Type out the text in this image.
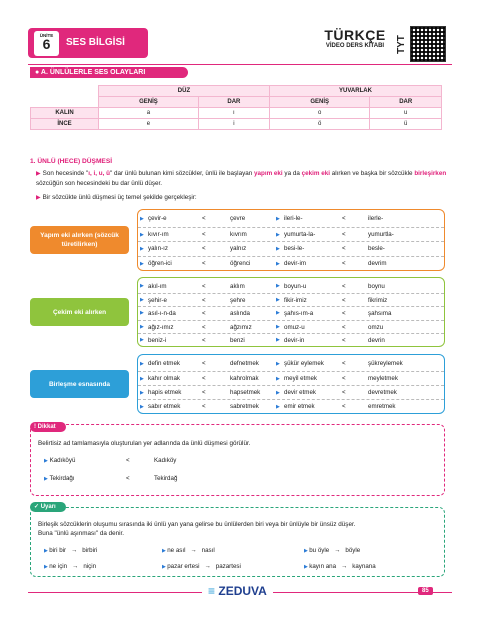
ÜNİTE
6	SES BİLGİSİ	TÜRKÇE
VİDEO DERS KİTABI	TYT
● A. ÜNLÜLERLE SES OLAYLARI
	DÜZ		YUVARLAK	
	GENİŞ	DAR	GENİŞ	DAR
KALIN	a	ı	o	u
İNCE	e	i	ö	ü
1. ÜNLÜ (HECE) DÜŞMESİ
▶ Son hecesinde "ı, i, u, ü" dar ünlü bulunan kimi sözcükler, ünlü ile başlayan yapım eki ya da çekim eki alırken ve başka bir sözcükle birleşirken sözcüğün son hecesindeki bu dar ünlü düşer.
▶ Bir sözcükte ünlü düşmesi üç temel şekilde gerçekleşir:
Yapım eki alırken (sözcük türetilirken)
▶ çevir-e	<	çevre	▶ ileri-le-	<	ilerle-
▶ kıvır-ım	<	kıvrım	▶ yumurta-la-	<	yumurtla-
▶ yalın-ız	<	yalnız	▶ besi-le-	<	besle-
▶ öğren-ici	<	öğrenci	▶ devir-im	<	devrim
Çekim eki alırken
▶ akıl-ım	<	aklım	▶ boyun-u	<	boynu
▶ şehir-e	<	şehre	▶ fikir-imiz	<	fikrimiz
▶ asıl-ı-n-da	<	aslında	▶ şahıs-ım-a	<	şahsıma
▶ ağız-ımız	<	ağzımız	▶ omuz-u	<	omzu
▶ beniz-i	<	benzi	▶ devir-in	<	devrin
Birleşme esnasında
▶ defin etmek	<	defnetmek	▶ şükür eylemek	<	şükreylemek
▶ kahır olmak	<	kahrolmak	▶ meyil etmek	<	meyletmek
▶ hapis etmek	<	hapsetmek	▶ devir etmek	<	devretmek
▶ sabır etmek	<	sabretmek	▶ emir etmek	<	emretmek
! Dikkat
Belirtisiz ad tamlamasıyla oluşturulan yer adlarında da ünlü düşmesi görülür.
▶ Kadıköyü	<	Kadıköy
▶ Tekirdağı	<	Tekirdağ
✓ Uyarı
Birleşik sözcüklerin oluşumu sırasında iki ünlü yan yana gelirse bu ünlülerden biri veya bir ünlüyle bir ünsüz düşer.
Buna "ünlü aşınması" da denir.
▶ biri bir → birbiri	▶ ne asıl → nasıl	▶ bu öyle → böyle
▶ ne için → niçin	▶ pazar ertesi → pazartesi	▶ kayın ana → kaynana
≡ ZEDUVA	85
